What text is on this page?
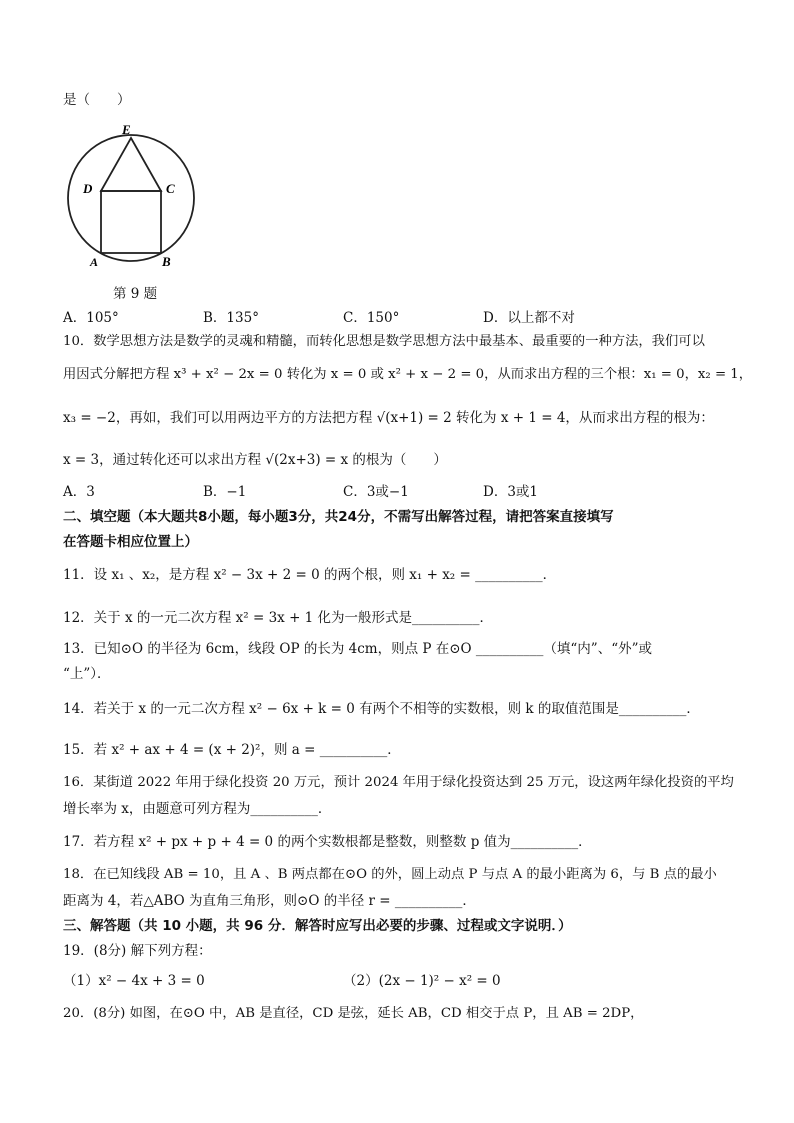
是（　　）
E
D	C
A	B
第 9 题
A．105°	B．135°	C．150°	D．以上都不对
10．数学思想方法是数学的灵魂和精髓，而转化思想是数学思想方法中最基本、最重要的一种方法，我们可以
用因式分解把方程 x³ + x² − 2x = 0 转化为 x = 0 或 x² + x − 2 = 0，从而求出方程的三个根：x₁ = 0，x₂ = 1，
x₃ = −2，再如，我们可以用两边平方的方法把方程 √(x+1) = 2 转化为 x + 1 = 4，从而求出方程的根为：
x = 3，通过转化还可以求出方程 √(2x+3) = x 的根为（　　）
A．3	B．−1	C．3或−1	D．3或1
二、填空题（本大题共8小题，每小题3分，共24分，不需写出解答过程，请把答案直接填写
在答题卡相应位置上）
11．设 x₁ 、x₂，是方程 x² − 3x + 2 = 0 的两个根，则 x₁ + x₂ = __________．
12．关于 x 的一元二次方程 x² = 3x + 1 化为一般形式是__________．
13．已知⊙O 的半径为 6cm，线段 OP 的长为 4cm，则点 P 在⊙O __________（填“内”、“外”或
“上”）．
14．若关于 x 的一元二次方程 x² − 6x + k = 0 有两个不相等的实数根，则 k 的取值范围是__________．
15．若 x² + ax + 4 = (x + 2)²，则 a = __________．
16．某街道 2022 年用于绿化投资 20 万元，预计 2024 年用于绿化投资达到 25 万元，设这两年绿化投资的平均
增长率为 x，由题意可列方程为__________．
17．若方程 x² + px + p + 4 = 0 的两个实数根都是整数，则整数 p 值为__________．
18．在已知线段 AB = 10，且 A 、B 两点都在⊙O 的外，圆上动点 P 与点 A 的最小距离为 6，与 B 点的最小
距离为 4，若△ABO 为直角三角形，则⊙O 的半径 r = __________．
三、解答题（共 10 小题，共 96 分．解答时应写出必要的步骤、过程或文字说明．）
19．(8分) 解下列方程：
（1）x² − 4x + 3 = 0	（2）(2x − 1)² − x² = 0
20．(8分) 如图，在⊙O 中，AB 是直径，CD 是弦，延长 AB，CD 相交于点 P，且 AB = 2DP，
